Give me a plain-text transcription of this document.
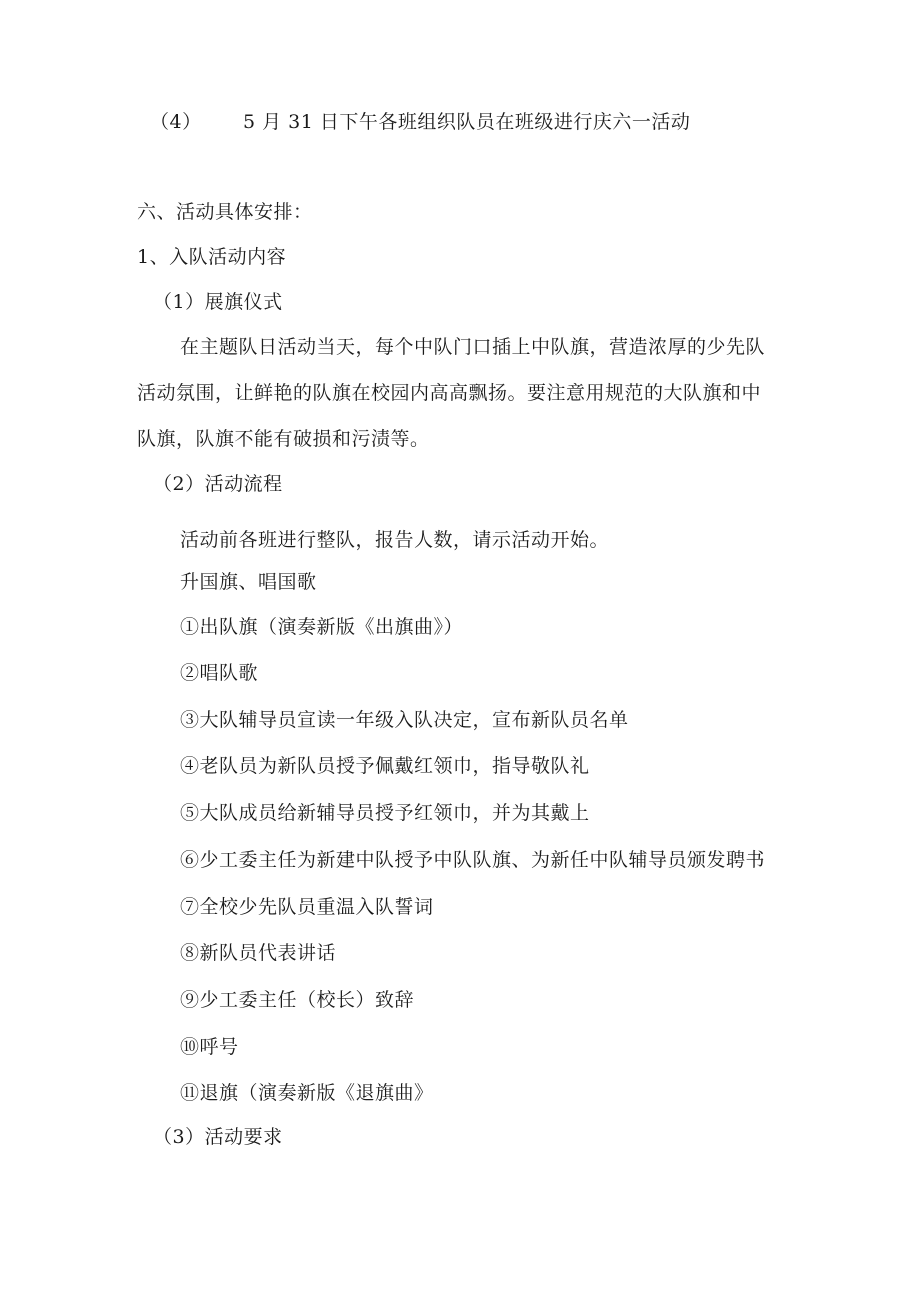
（4） 5 月 31 日下午各班组织队员在班级进行庆六一活动
六、活动具体安排：
1、入队活动内容
（1）展旗仪式
在主题队日活动当天，每个中队门口插上中队旗，营造浓厚的少先队
活动氛围，让鲜艳的队旗在校园内高高飘扬。要注意用规范的大队旗和中
队旗，队旗不能有破损和污渍等。
（2）活动流程
活动前各班进行整队，报告人数，请示活动开始。
升国旗、唱国歌
①出队旗（演奏新版《出旗曲》）
②唱队歌
③大队辅导员宣读一年级入队决定，宣布新队员名单
④老队员为新队员授予佩戴红领巾，指导敬队礼
⑤大队成员给新辅导员授予红领巾，并为其戴上
⑥少工委主任为新建中队授予中队队旗、为新任中队辅导员颁发聘书
⑦全校少先队员重温入队誓词
⑧新队员代表讲话
⑨少工委主任（校长）致辞
⑩呼号
⑪退旗（演奏新版《退旗曲》
（3）活动要求
